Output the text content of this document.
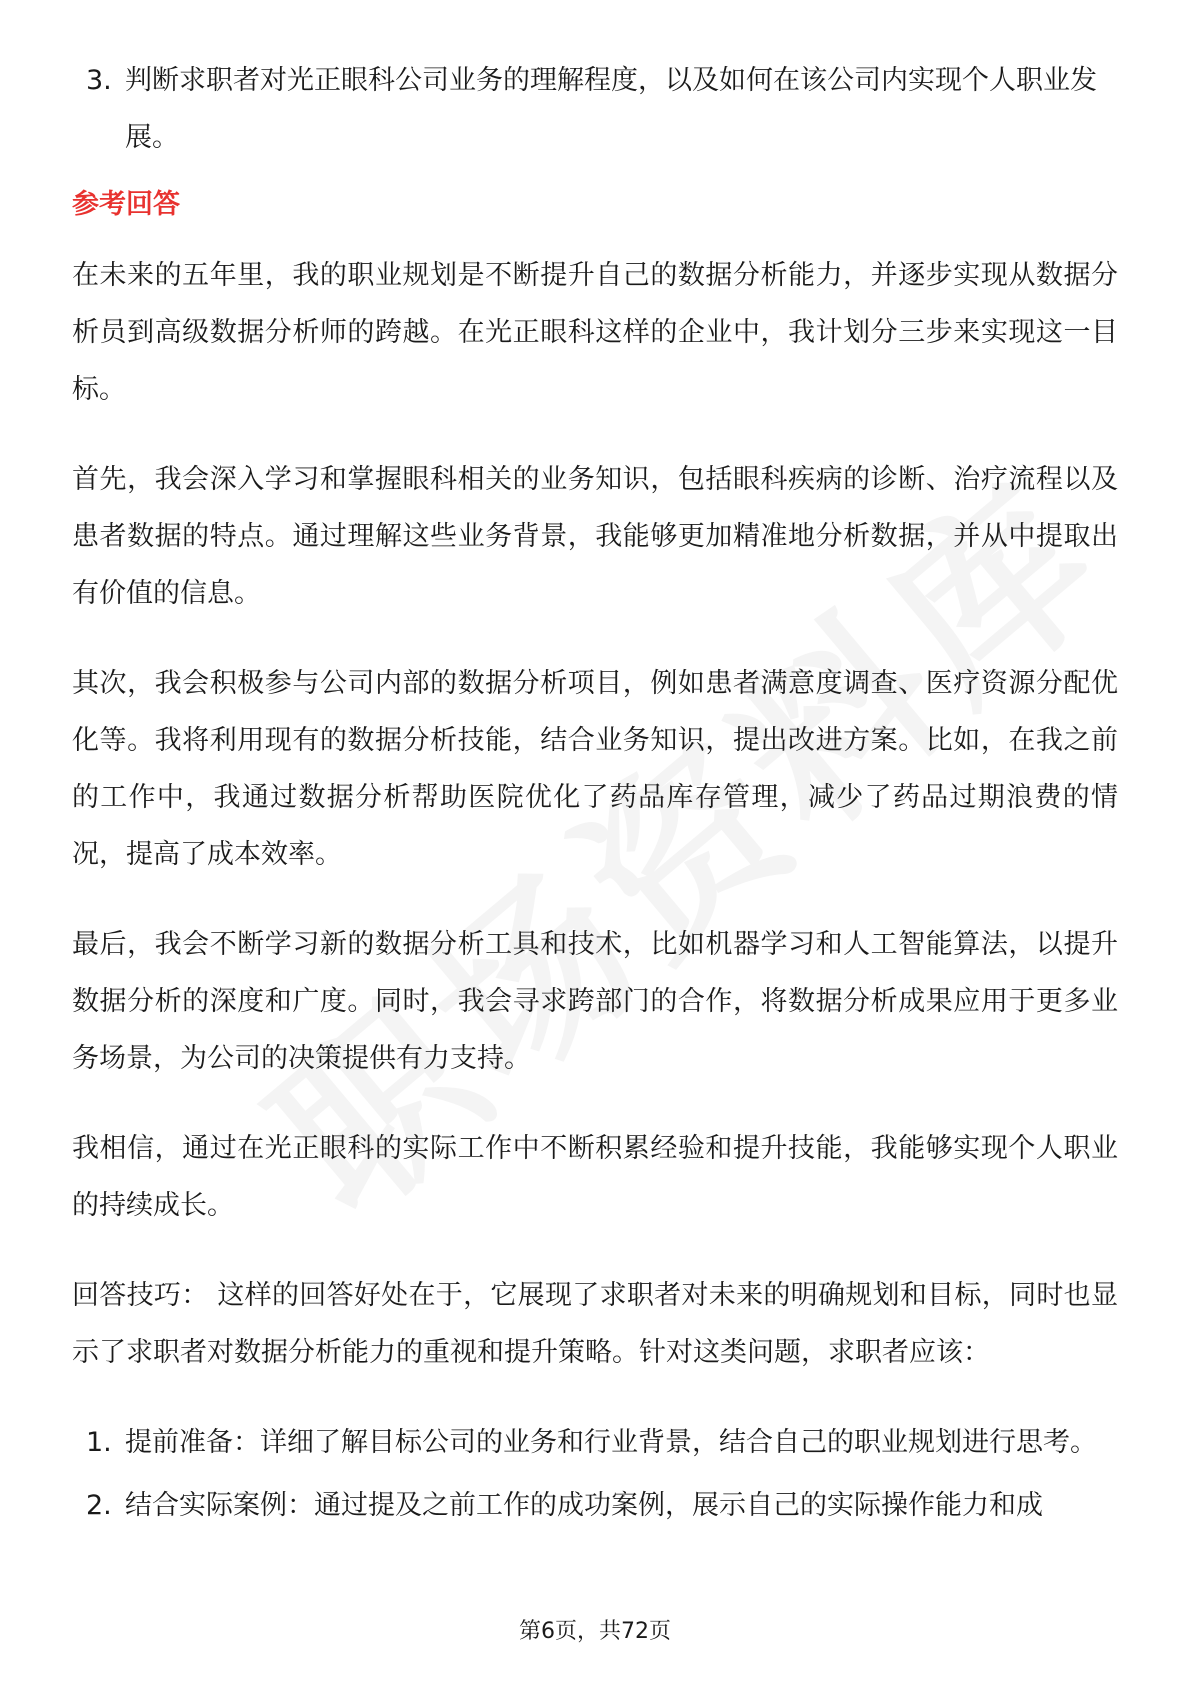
3. 判断求职者对光正眼科公司业务的理解程度，以及如何在该公司内实现个人职业发展。
参考回答

在未来的五年里，我的职业规划是不断提升自己的数据分析能力，并逐步实现从数据分析员到高级数据分析师的跨越。在光正眼科这样的企业中，我计划分三步来实现这一目标。

首先，我会深入学习和掌握眼科相关的业务知识，包括眼科疾病的诊断、治疗流程以及患者数据的特点。通过理解这些业务背景，我能够更加精准地分析数据，并从中提取出有价值的信息。

其次，我会积极参与公司内部的数据分析项目，例如患者满意度调查、医疗资源分配优化等。我将利用现有的数据分析技能，结合业务知识，提出改进方案。比如，在我之前的工作中，我通过数据分析帮助医院优化了药品库存管理，减少了药品过期浪费的情况，提高了成本效率。

最后，我会不断学习新的数据分析工具和技术，比如机器学习和人工智能算法，以提升数据分析的深度和广度。同时，我会寻求跨部门的合作，将数据分析成果应用于更多业务场景，为公司的决策提供有力支持。

我相信，通过在光正眼科的实际工作中不断积累经验和提升技能，我能够实现个人职业的持续成长。

回答技巧： 这样的回答好处在于，它展现了求职者对未来的明确规划和目标，同时也显示了求职者对数据分析能力的重视和提升策略。针对这类问题，求职者应该：

1. 提前准备：详细了解目标公司的业务和行业背景，结合自己的职业规划进行思考。
2. 结合实际案例：通过提及之前工作的成功案例，展示自己的实际操作能力和成
第6页，共72页
